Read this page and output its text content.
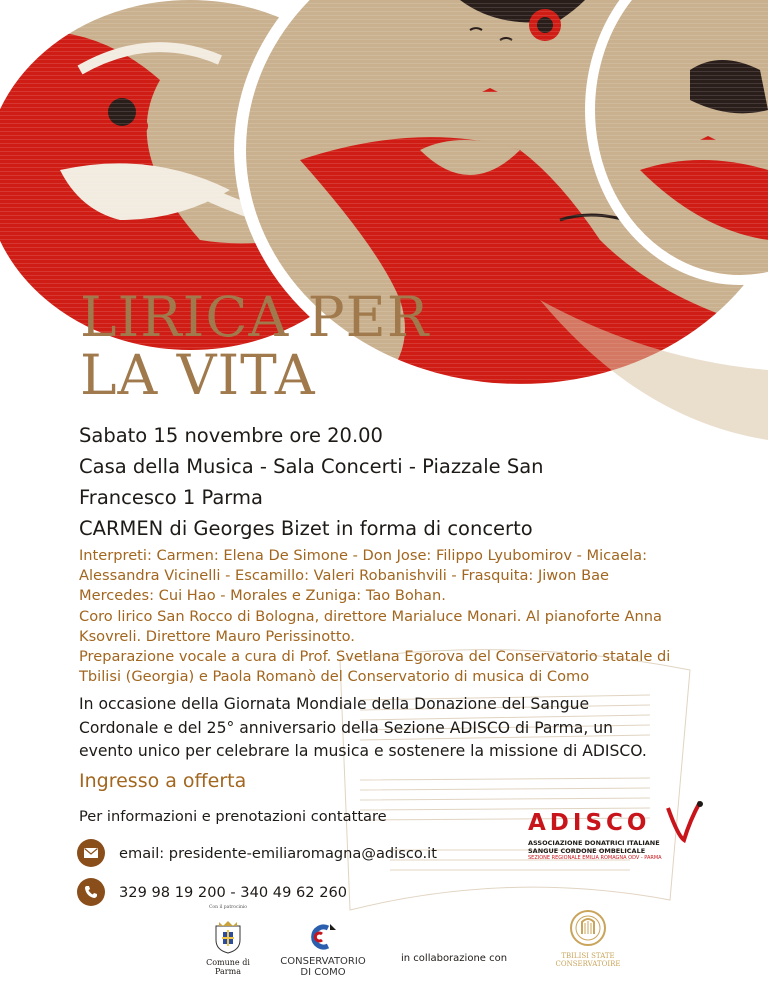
LIRICA PER
LA VITA
Sabato 15 novembre ore 20.00
Casa della Musica - Sala Concerti - Piazzale San
Francesco 1 Parma
CARMEN di Georges Bizet in forma di concerto
Interpreti: Carmen: Elena De Simone - Don Jose: Filippo Lyubomirov - Micaela:
Alessandra Vicinelli - Escamillo: Valeri Robanishvili - Frasquita: Jiwon Bae
Mercedes: Cui Hao - Morales e Zuniga: Tao Bohan.
Coro lirico San Rocco di Bologna, direttore Marialuce Monari. Al pianoforte Anna
Ksovreli. Direttore Mauro Perissinotto.
Preparazione vocale a cura di Prof. Svetlana Egorova del Conservatorio statale di
Tbilisi (Georgia) e Paola Romanò del Conservatorio di musica di Como
In occasione della Giornata Mondiale della Donazione del Sangue
Cordonale e del 25° anniversario della Sezione ADISCO di Parma, un
evento unico per celebrare la musica e sostenere la missione di ADISCO.
Ingresso a offerta
Per informazioni e prenotazioni contattare
email: presidente-emiliaromagna@adisco.it
329 98 19 200 - 340 49 62 260
ADISCO
ASSOCIAZIONE DONATRICI ITALIANE
SANGUE CORDONE OMBELICALE
SEZIONE REGIONALE EMILIA ROMAGNA ODV - PARMA
Con il patrocinio
Comune di Parma
CONSERVATORIO
DI COMO
in collaborazione con	TBILISI STATE
CONSERVATOIRE
